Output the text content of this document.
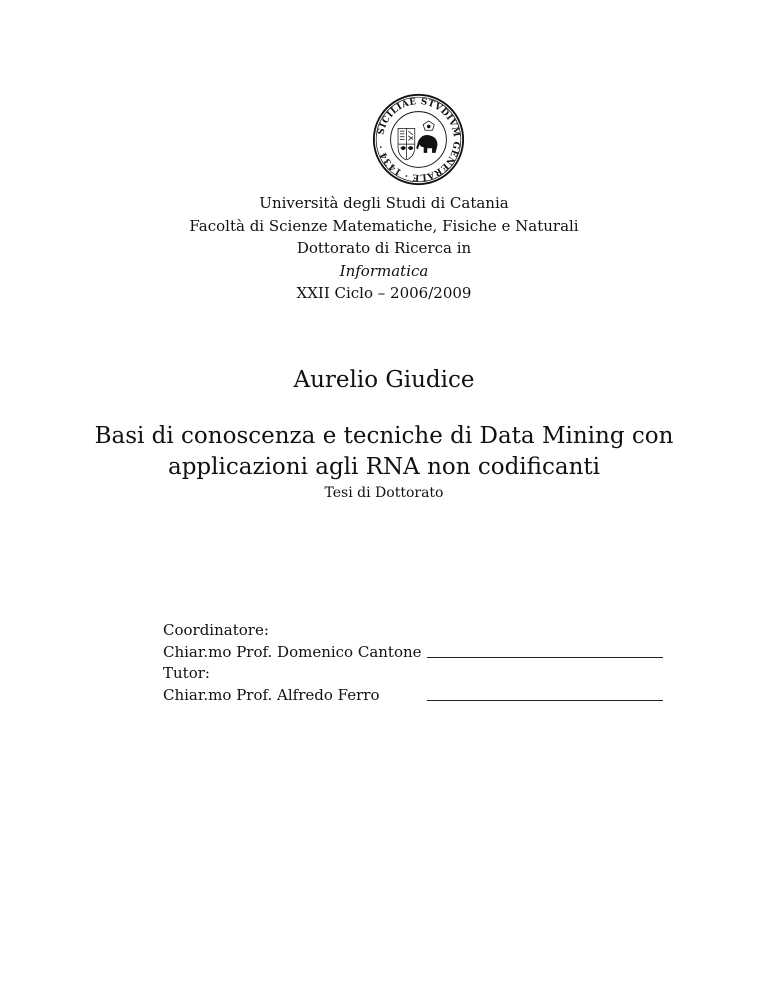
SICILIAE STVDIVM GENERALE · 1434 ·
Università degli Studi di Catania
Facoltà di Scienze Matematiche, Fisiche e Naturali
Dottorato di Ricerca in
Informatica
XXII Ciclo – 2006/2009
Aurelio Giudice
Basi di conoscenza e tecniche di Data Mining con
applicazioni agli RNA non codificanti
Tesi di Dottorato
Coordinatore:
Chiar.mo Prof. Domenico Cantone
Tutor:
Chiar.mo Prof. Alfredo Ferro
